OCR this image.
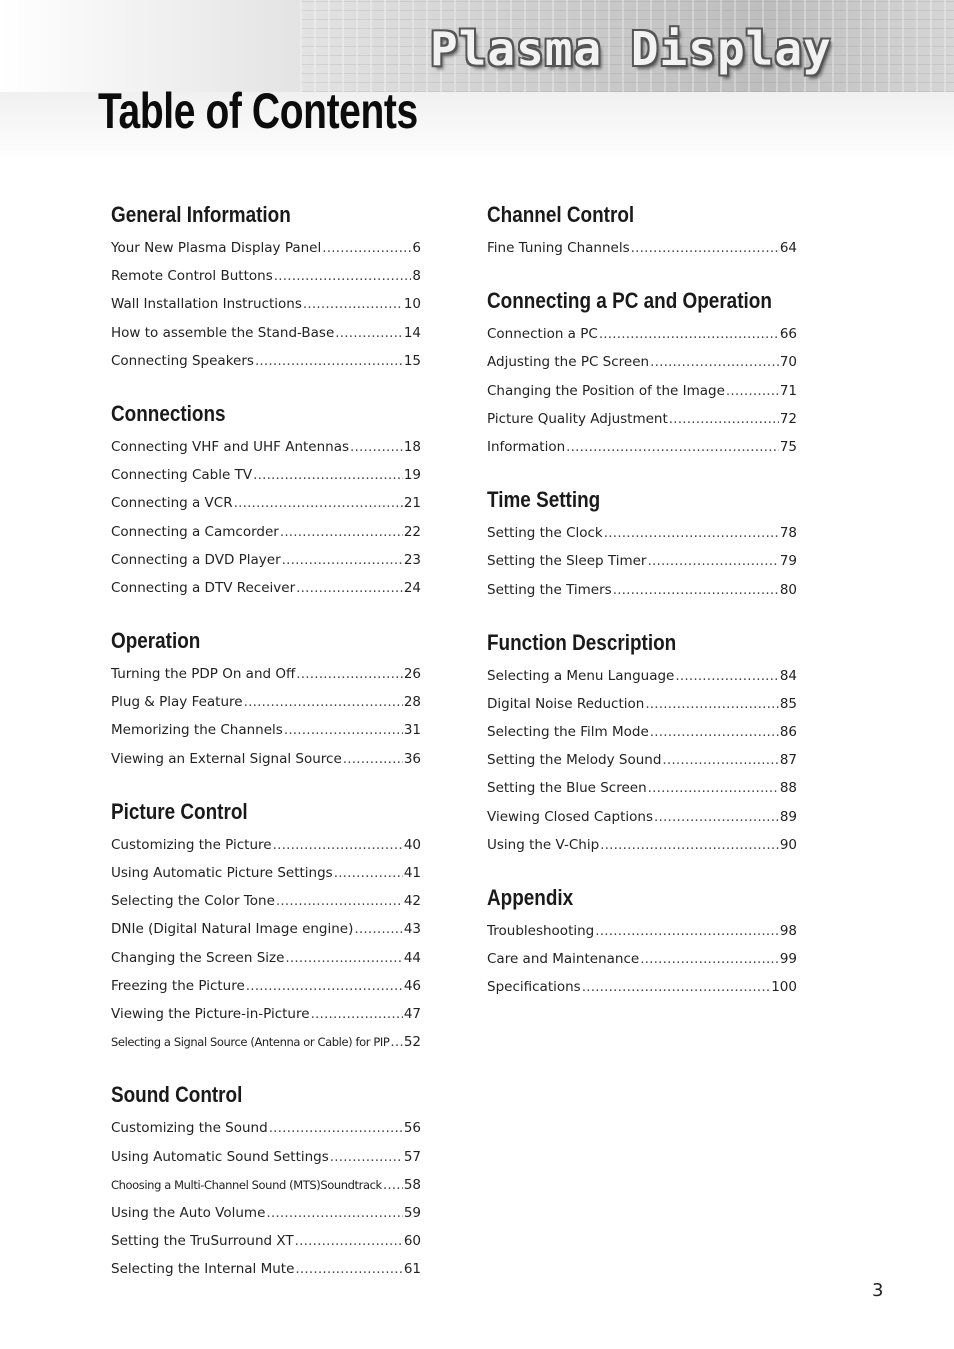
Plasma Display
Table of Contents
General Information
Your New Plasma Display Panel .....	6
Remote Control Buttons .....	8
Wall Installation Instructions .....	10
How to assemble the Stand-Base .....	14
Connecting Speakers .....	15
Connections
Connecting VHF and UHF Antennas .....	18
Connecting Cable TV .....	19
Connecting a VCR .....	21
Connecting a Camcorder .....	22
Connecting a DVD Player .....	23
Connecting a DTV Receiver .....	24
Operation
Turning the PDP On and Off .....	26
Plug & Play Feature .....	28
Memorizing the Channels .....	31
Viewing an External Signal Source .....	36
Picture Control
Customizing the Picture .....	40
Using Automatic Picture Settings .....	41
Selecting the Color Tone .....	42
DNIe (Digital Natural Image engine) .....	43
Changing the Screen Size .....	44
Freezing the Picture .....	46
Viewing the Picture-in-Picture .....	47
Selecting a Signal Source (Antenna or Cable) for PIP ..... 52
Sound Control
Customizing the Sound .....	56
Using Automatic Sound Settings .....	57
Choosing a Multi-Channel Sound (MTS)Soundtrack ..... 58
Using the Auto Volume .....	59
Setting the TruSurround XT .....	60
Selecting the Internal Mute .....	61
Channel Control
Fine Tuning Channels .....	64
Connecting a PC and Operation
Connection a PC .....	66
Adjusting the PC Screen .....	70
Changing the Position of the Image .....	71
Picture Quality Adjustment .....	72
Information .....	75
Time Setting
Setting the Clock .....	78
Setting the Sleep Timer .....	79
Setting the Timers .....	80
Function Description
Selecting a Menu Language .....	84
Digital Noise Reduction .....	85
Selecting the Film Mode .....	86
Setting the Melody Sound .....	87
Setting the Blue Screen .....	88
Viewing Closed Captions .....	89
Using the V-Chip .....	90
Appendix
Troubleshooting .....	98
Care and Maintenance .....	99
Specifications .....	100
3
